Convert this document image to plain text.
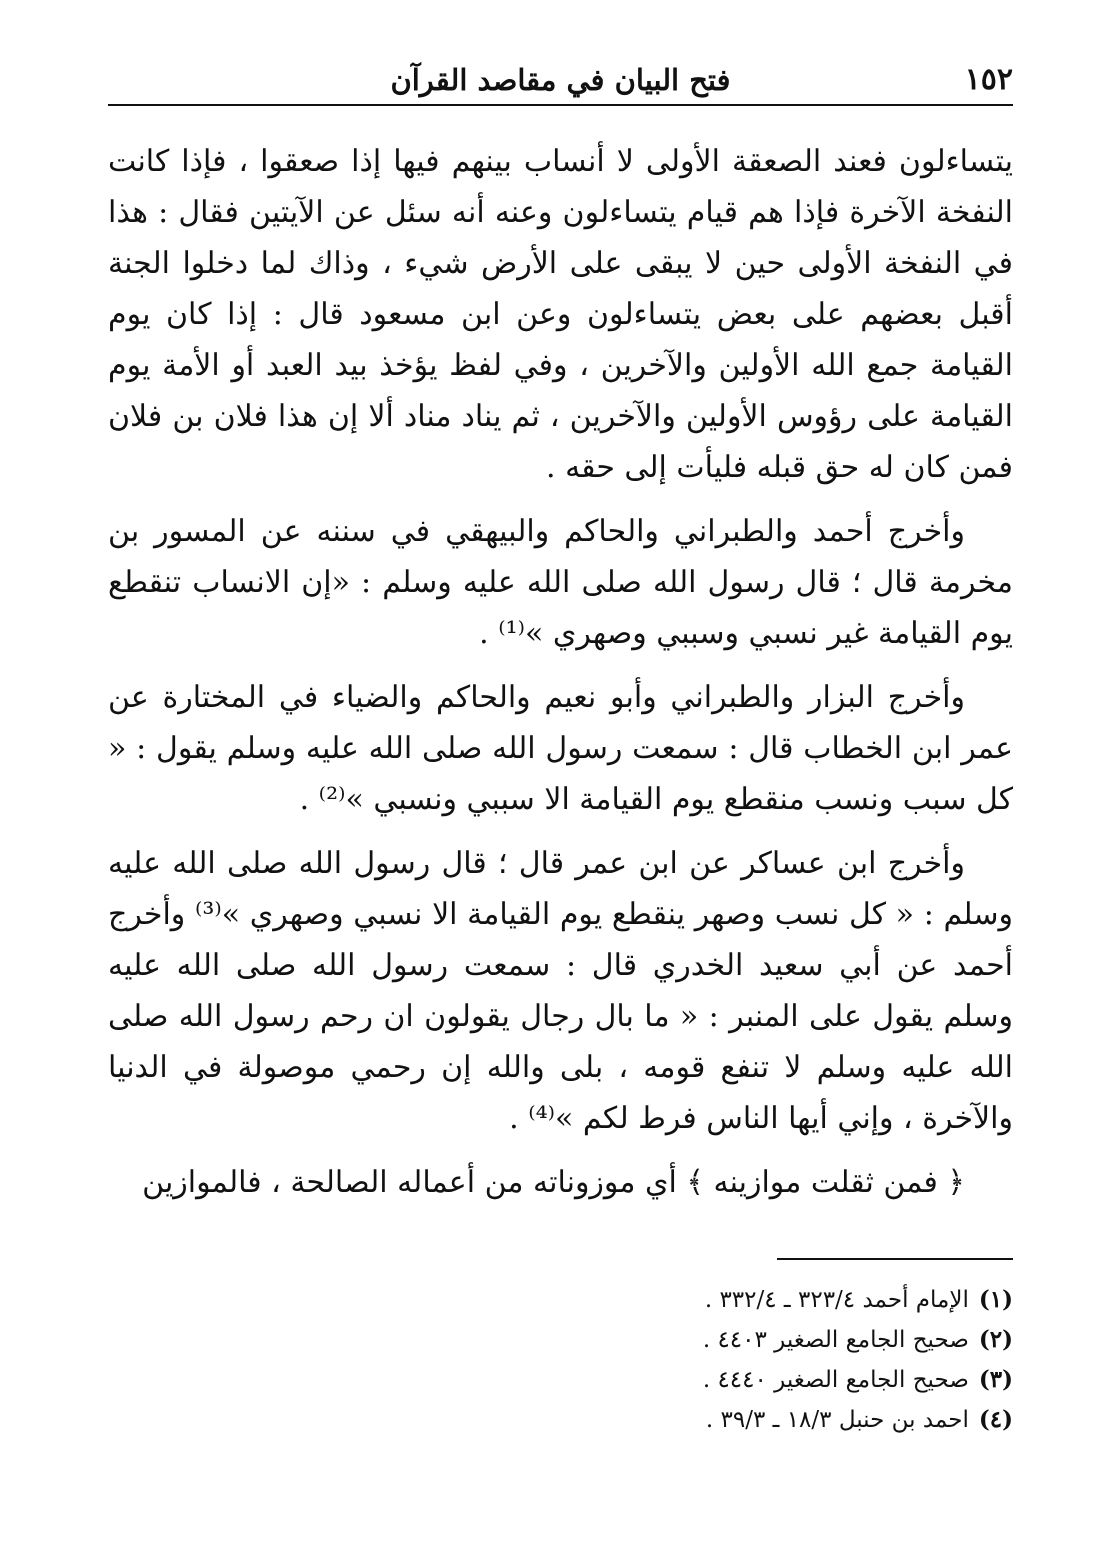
١٥٢
فتح البيان في مقاصد القرآن

يتساءلون فعند الصعقة الأولى لا أنساب بينهم فيها إذا صعقوا ، فإذا كانت النفخة الآخرة فإذا هم قيام يتساءلون وعنه أنه سئل عن الآيتين فقال : هذا في النفخة الأولى حين لا يبقى على الأرض شيء ، وذاك لما دخلوا الجنة أقبل بعضهم على بعض يتساءلون وعن ابن مسعود قال : إذا كان يوم القيامة جمع الله الأولين والآخرين ، وفي لفظ يؤخذ بيد العبد أو الأمة يوم القيامة على رؤوس الأولين والآخرين ، ثم يناد مناد ألا إن هذا فلان بن فلان فمن كان له حق قبله فليأت إلى حقه .

وأخرج أحمد والطبراني والحاكم والبيهقي في سننه عن المسور بن مخرمة قال ؛ قال رسول الله صلى الله عليه وسلم : «إن الانساب تنقطع يوم القيامة غير نسبي وسببي وصهري »⁽¹⁾ .

وأخرج البزار والطبراني وأبو نعيم والحاكم والضياء في المختارة عن عمر ابن الخطاب قال : سمعت رسول الله صلى الله عليه وسلم يقول : « كل سبب ونسب منقطع يوم القيامة الا سببي ونسبي »⁽²⁾ .

وأخرج ابن عساكر عن ابن عمر قال ؛ قال رسول الله صلى الله عليه وسلم : « كل نسب وصهر ينقطع يوم القيامة الا نسبي وصهري »⁽³⁾ وأخرج أحمد عن أبي سعيد الخدري قال : سمعت رسول الله صلى الله عليه وسلم يقول على المنبر : « ما بال رجال يقولون ان رحم رسول الله صلى الله عليه وسلم لا تنفع قومه ، بلى والله إن رحمي موصولة في الدنيا والآخرة ، وإني أيها الناس فرط لكم »⁽⁴⁾ .

﴿ فمن ثقلت موازينه ﴾ أي موزوناته من أعماله الصالحة ، فالموازين

(١)
الإمام أحمد ٣٢٣/٤ ـ ٣٣٢/٤ .
(٢)
صحيح الجامع الصغير ٤٤٠٣ .
(٣)
صحيح الجامع الصغير ٤٤٤٠ .
(٤)
احمد بن حنبل ١٨/٣ ـ ٣٩/٣ .
